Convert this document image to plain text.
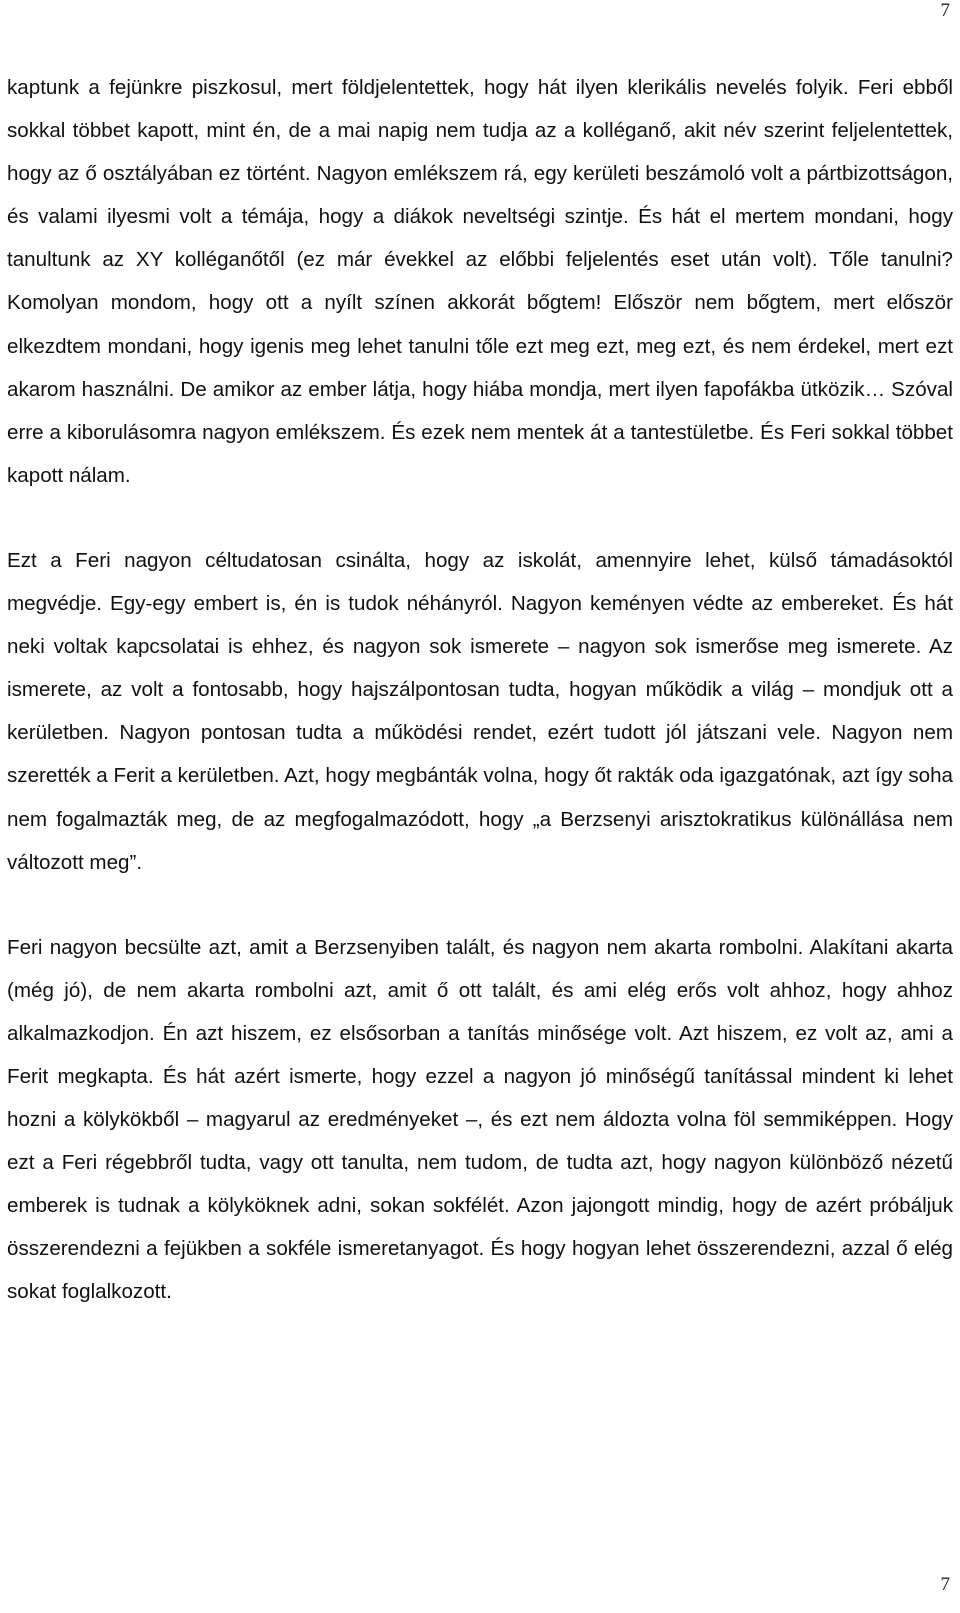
7

kaptunk a fejünkre piszkosul, mert földjelentettek, hogy hát ilyen klerikális nevelés folyik. Feri ebből sokkal többet kapott, mint én, de a mai napig nem tudja az a kolléganő, akit név szerint feljelentettek, hogy az ő osztályában ez történt. Nagyon emlékszem rá, egy kerületi beszámoló volt a pártbizottságon, és valami ilyesmi volt a témája, hogy a diákok neveltségi szintje. És hát el mertem mondani, hogy tanultunk az XY kolléganőtől (ez már évekkel az előbbi feljelentés eset után volt). Tőle tanulni? Komolyan mondom, hogy ott a nyílt színen akkorát bőgtem! Először nem bőgtem, mert először elkezdtem mondani, hogy igenis meg lehet tanulni tőle ezt meg ezt, meg ezt, és nem érdekel, mert ezt akarom használni. De amikor az ember látja, hogy hiába mondja, mert ilyen fapofákba ütközik… Szóval erre a kiborulásomra nagyon emlékszem. És ezek nem mentek át a tantestületbe. És Feri sokkal többet kapott nálam.

Ezt a Feri nagyon céltudatosan csinálta, hogy az iskolát, amennyire lehet, külső támadásoktól megvédje. Egy-egy embert is, én is tudok néhányról. Nagyon keményen védte az embereket. És hát neki voltak kapcsolatai is ehhez, és nagyon sok ismerete – nagyon sok ismerőse meg ismerete. Az ismerete, az volt a fontosabb, hogy hajszálpontosan tudta, hogyan működik a világ – mondjuk ott a kerületben. Nagyon pontosan tudta a működési rendet, ezért tudott jól játszani vele. Nagyon nem szerették a Ferit a kerületben. Azt, hogy megbánták volna, hogy őt rakták oda igazgatónak, azt így soha nem fogalmazták meg, de az megfogalmazódott, hogy „a Berzsenyi arisztokratikus különállása nem változott meg”.

Feri nagyon becsülte azt, amit a Berzsenyiben talált, és nagyon nem akarta rombolni. Alakítani akarta (még jó), de nem akarta rombolni azt, amit ő ott talált, és ami elég erős volt ahhoz, hogy ahhoz alkalmazkodjon. Én azt hiszem, ez elsősorban a tanítás minősége volt. Azt hiszem, ez volt az, ami a Ferit megkapta. És hát azért ismerte, hogy ezzel a nagyon jó minőségű tanítással mindent ki lehet hozni a kölykökből – magyarul az eredményeket –, és ezt nem áldozta volna föl semmiképpen. Hogy ezt a Feri régebbről tudta, vagy ott tanulta, nem tudom, de tudta azt, hogy nagyon különböző nézetű emberek is tudnak a kölyköknek adni, sokan sokfélét. Azon jajongott mindig, hogy de azért próbáljuk összerendezni a fejükben a sokféle ismeretanyagot. És hogy hogyan lehet összerendezni, azzal ő elég sokat foglalkozott.

7
